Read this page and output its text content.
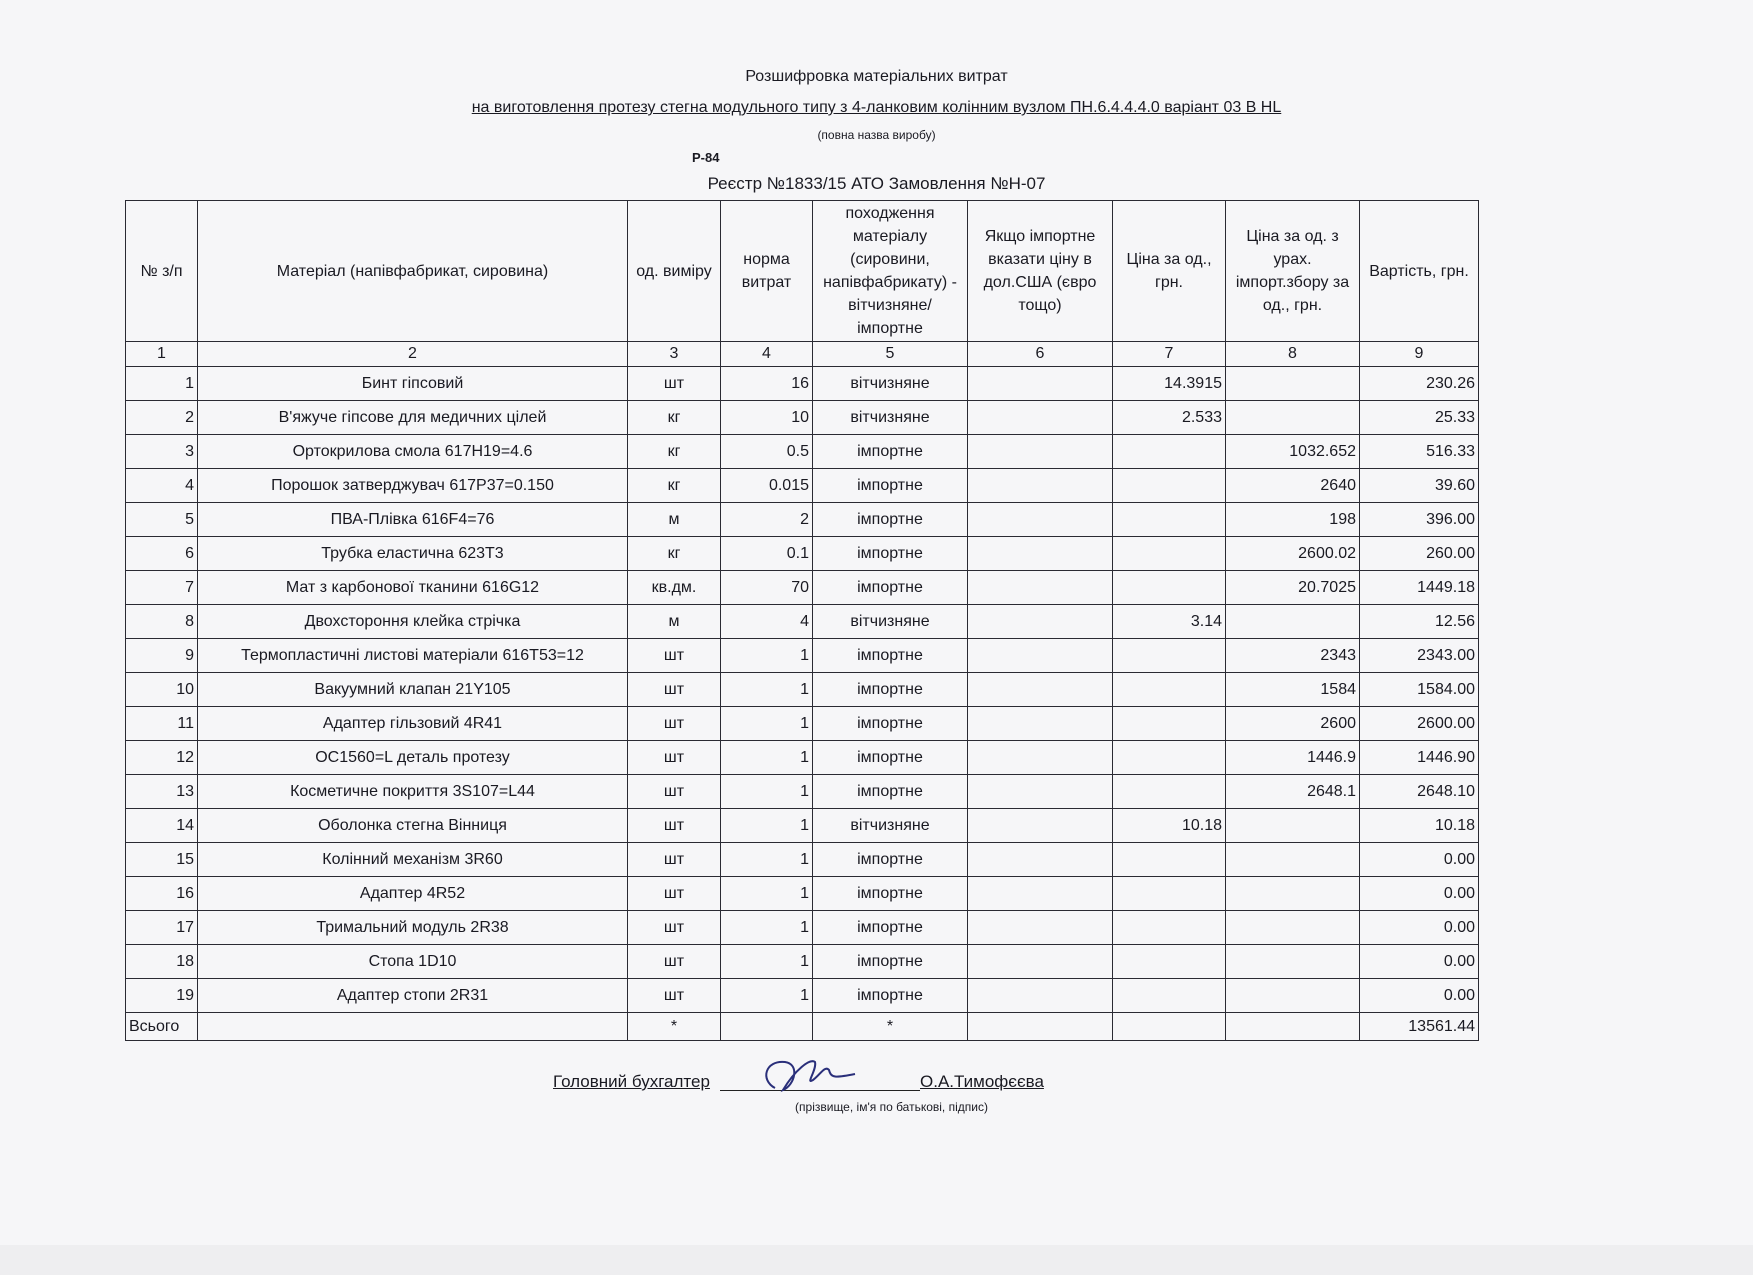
Розшифровка матеріальних витрат
на виготовлення протезу стегна модульного типу з 4-ланковим колінним вузлом ПН.6.4.4.4.0 варіант 03 В HL
(повна назва виробу)
Р-84
Реєстр №1833/15 АТО Замовлення №Н-07
№ з/п	Матеріал (напівфабрикат, сировина)	од. виміру	норма витрат	походження матеріалу (сировини, напівфабрикату) - вітчизняне/ імпортне	Якщо імпортне вказати ціну в дол.США (євро тощо)	Ціна за од., грн.	Ціна за од. з урах. імпорт.збору за од., грн.	Вартість, грн.
1	2	3	4	5	6	7	8	9
1	Бинт гіпсовий	шт	16	вітчизняне		14.3915		230.26
2	В'яжуче гіпсове для медичних цілей	кг	10	вітчизняне		2.533		25.33
3	Ортокрилова смола 617Н19=4.6	кг	0.5	імпортне			1032.652	516.33
4	Порошок затверджувач 617Р37=0.150	кг	0.015	імпортне			2640	39.60
5	ПВА-Плівка 616F4=76	м	2	імпортне			198	396.00
6	Трубка еластична 623Т3	кг	0.1	імпортне			2600.02	260.00
7	Мат з карбонової тканини 616G12	кв.дм.	70	імпортне			20.7025	1449.18
8	Двохстороння клейка стрічка	м	4	вітчизняне		3.14		12.56
9	Термопластичні листові матеріали 616Т53=12	шт	1	імпортне			2343	2343.00
10	Вакуумний клапан 21Y105	шт	1	імпортне			1584	1584.00
11	Адаптер гільзовий 4R41	шт	1	імпортне			2600	2600.00
12	OC1560=L деталь протезу	шт	1	імпортне			1446.9	1446.90
13	Косметичне покриття 3S107=L44	шт	1	імпортне			2648.1	2648.10
14	Оболонка стегна Вінниця	шт	1	вітчизняне		10.18		10.18
15	Колінний механізм 3R60	шт	1	імпортне				0.00
16	Адаптер 4R52	шт	1	імпортне				0.00
17	Тримальний модуль 2R38	шт	1	імпортне				0.00
18	Стопа 1D10	шт	1	імпортне				0.00
19	Адаптер стопи 2R31	шт	1	імпортне				0.00
Всього		*		*				13561.44
Головний бухгалтер	О.А.Тимофєєва
(прізвище, ім'я по батькові, підпис)
